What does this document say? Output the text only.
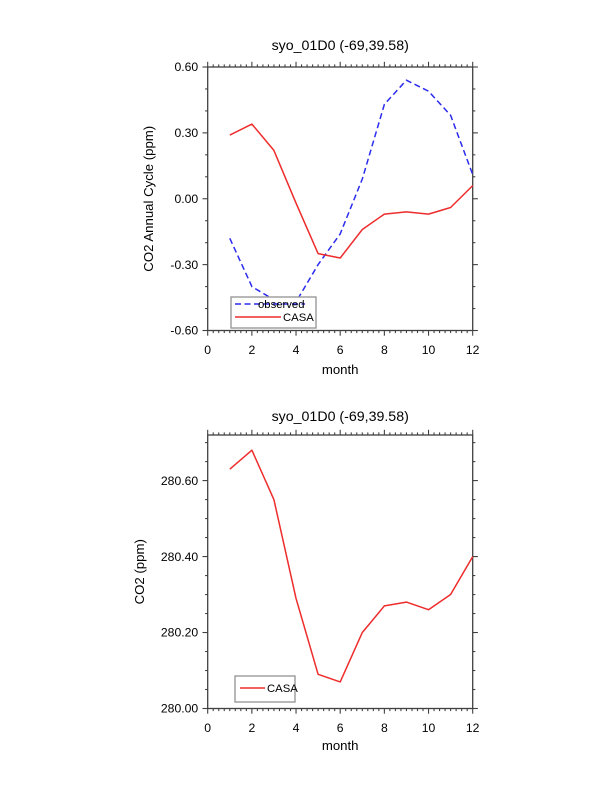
0	2	4	6	8	10	12
0.60
0.30
0.00
-0.30
-0.60
syo_01D0 (-69,39.58)
month
CO2 Annual Cycle (ppm)
observed
CASA
0	2	4	6	8	10	12
280.00
280.20
280.40
280.60
syo_01D0 (-69,39.58)
month
CO2 (ppm)
CASA
